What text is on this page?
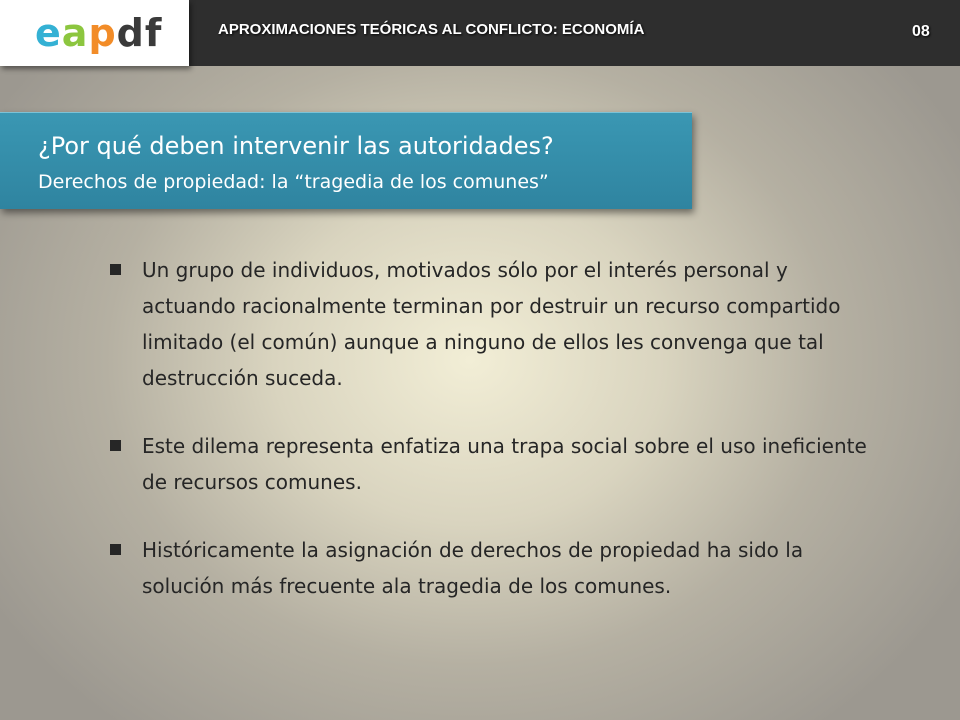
eapdf	APROXIMACIONES TEÓRICAS AL CONFLICTO: ECONOMÍA	08
¿Por qué deben intervenir las autoridades?
Derechos de propiedad: la “tragedia de los comunes”
Un grupo de individuos, motivados sólo por el interés personal y actuando racionalmente terminan por destruir un recurso compartido limitado (el común) aunque a ninguno de ellos les convenga que tal destrucción suceda.
Este dilema representa enfatiza una trapa social sobre el uso ineficiente de recursos comunes.
Históricamente la asignación de derechos de propiedad ha sido la solución más frecuente ala tragedia de los comunes.
